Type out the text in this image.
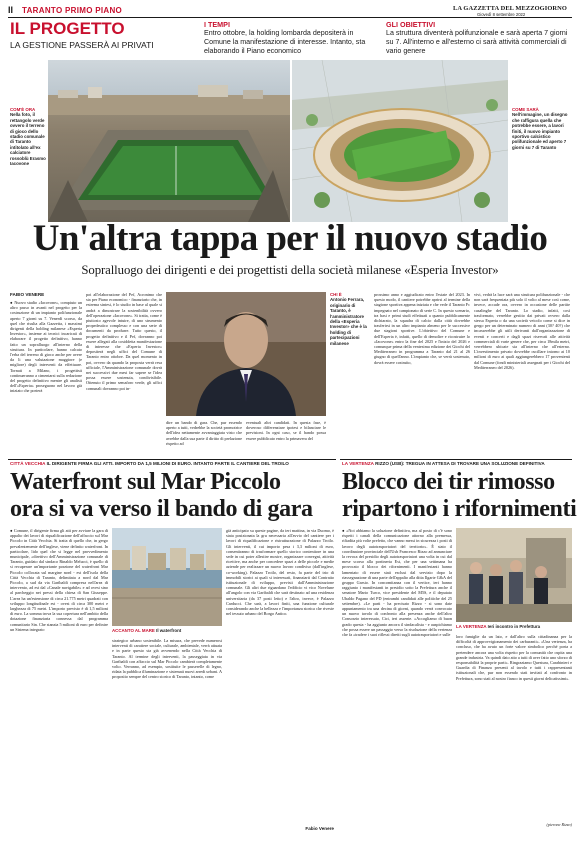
II TARANTO PRIMO PIANO	LA GAZZETTA DEL MEZZOGIORNO
Giovedì 8 settembre 2022
IL PROGETTO
LA GESTIONE PASSERÀ AI PRIVATI
I TEMPI
Entro ottobre, la holding lombarda depositerà in Comune la manifestazione di interesse. Intanto, sta elaborando il Piano economico
GLI OBIETTIVI
La struttura diventerà polifunzionale e sarà aperta 7 giorni su 7. All'interno e all'esterno ci sarà attività commerciali di vario genere
COM'È ORA
Nella foto, il rettangolo verde ovvero il terreno di gioco dello stadio comunale di Taranto intitolato all'ex calciatore rossoblù Erasmo Iacovone
COME SARÀ
Nell'immagine, un disegno che raffigura quella che potrebbe essere, a lavori finiti, il nuovo impianto sportivo calcistico polifunzionale ed aperto 7 giorni su 7 di Taranto
Un'altra tappa per il nuovo stadio
Sopralluogo dei dirigenti e dei progettisti della società milanese «Esperia Investor»
FABIO VENERE
● Nuovo stadio «Iacovone», compiuto un altro passo in avanti nel progetto per la costruzione di un impianto polifunzionale aperto 7 giorni su 7. Venerdì scorso, da quel che risulta alla Gazzetta, i massimi dirigenti della holding milanese «Esperia Investor», insieme ai tecnici incaricati di elaborare il progetto definitivo, hanno fatto un sopralluogo all'interno della struttura. In particolare, hanno calcato l'erba del terreno di gioco anche per avere da li una valutazione maggiore (e migliore) degli interventi da effettuare. Tornati a Milano, i progettisti continueranno a cimentarsi sulla redazione del progetto definitivo mentre gli analisti dell'«Esperia» proseguono nel lavoro già iniziato che porterà
poi all'elaborazione del Pef, Acronimo che sta per Piano economico - finanziario che, in estrema sintesi, è lo studio in base al quale si andrà a dimostrare la sostenibilità ovvero dell'operazione «Iacovone». Si tratta, come è piuttosto agevole intuire, di uno strumento propedeutico complesso e con una serie di documenti da produrre. Tutto questo, il progetto definitivo e il Pef, dovranno poi essere allegati alla cosiddetta manifestazione di interesse che «Esperia Investor» depositerà negli uffici del Comune di Taranto entro ottobre. Da quel momento in poi, ovvero da quando la proposta verrà resa ufficiale, l'Amministrazione comunale dovrà nei successivi due mesi far sapere se l'idea possa essere sostenuta, condivisibile. Ottenuto il primo semaforo verde, gli uffici comunali dovranno poi in-
dire un bando di gara. Che, pur essendo aperto a tutti, vedrebbe la società promotrice dell'idea nettamente avvantaggiata visto che avrebbe dalla sua parte il diritto di prelazione rispetto ad
eventuali altri candidati. In questa fase, è doveroso differenziare ipotesi e bilanciare le previsioni. In ogni caso, se il bando possa essere pubblicato entro la primavera del
CHI È
Antonio Ferrara, originario di Taranto, è l'amministratore della «Esperia Investor» che è la holding di partecipazioni milanese
prossimo anno e aggiudicato entro l'estate del 2023. In questo modo, il cantiere potrebbe aprirsi al termine della stagione sportiva appena iniziata e che vede il Taranto Fc impegnato nel campionato di serie C. In questo scenario, tra basi e primi studi effettuati a quanto pubblicamente dichiarato, la squadra di calcio dalla città dovrebbe trasferirsi in un altro impianto almeno per le successive due stagioni sportive. L'obiettivo del Comune e dell'Esperia è, infatti, quello di demolire e ricostruire lo «Iacovone» entro la fine del 2025 e l'inizio del 2026 e comunque prima della ventesima edizione dei Giochi del Mediterraneo in programma a Taranto dal 21 al 26 giugno di quell'anno. L'impianto che, se verrà sostenuto, dovrà essere costruito,
vivi, vedrà la luce sarà una struttura polifunzionale - che non sarà frequentata più solo il volto al mese così come, invece, accade ora, ovvero in occasione delle partite casalinghe del Taranto. Lo stadio, infatti, così trasformato, verrebbe gestito dai privati ovvero dalla stessa Esperia o da una società veicolo come si dice in gergo per un determinato numero di anni (30? 40?) che incasserebbe gli utili derivanti dall'organizzazione di eventi e concerti e dagli spazi riservati alle attività commerciali di varie genere che, per circa 18mila metri, verrebbero ubicate sia all'interno che all'esterno. L'investimento privato dovrebbe oscillare intorno ai 10 milioni di euro ai quali aggiungerebbero 17 provenienti dal Comune (fondi ministeriali assegnati per i Giochi del Mediterraneo del 2026).
CITTÀ VECCHIA IL DIRIGENTE FIRMA GLI ATTI. IMPORTO DA 1,5 MILIONI DI EURO. INTANTO PARTE IL CANTIERE DEL TROILO
Waterfront sul Mar Piccolo
ora si va verso il bando di gara
● Comune, il dirigente firma gli atti per avviare la gara di appalto dei lavori di riqualificazione dell'affaccio sul Mar Piccolo in Città Vecchia. Si tratta di quello che, in gergo prevalentemente dell'inglese, viene definito waterfront. In particolare, lido quel che si legge nel provvedimento municipale, «direttivo dell'Amministrazione comunale di Taranto, guidato dal sindaco Rinaldo Melucci, è quello di si recuperare un'importante porzione del waterfront Mar Piccolo collocata sul margine nord - est dell'isola della Città Vecchia di Taranto, delimitata a nord dal Mar Piccolo, a sud da via Garibaldi compresa nell'area di intervento, ad est dal «Canale navigabile» e ad ovest sino al parcheggio nei pressi della chiesa di San Giuseppe. L'area ha un'estensione di circa 21.775 metri quadrati con sviluppo longitudinale est - ovest di circa 300 metri e larghezza di 75 metri. L'importo previsto è di 1,5 milioni di euro. La somma trova la sua copertura nell'ambito della dotazione finanziaria connessa dal programma comunitario Sin. Che stanzia 5 milioni di euro per definire un Sistema integrato	ACCANTO AL MARE Il waterfront
strategico urbano sostenibile. La misura, che prevede numerosi interventi di carattere sociale, culturale, ambientale, verrà attuata e in parte questo sta già avvenendo nella Città Vecchia di Taranto. Al termine degli interventi, la passeggiata in via Garibaldi con affaccio sul Mar Piccolo cambierà completamente volto. Verranno, ad esempio, sostituite le passerelle di legno, ridata la pubblica illuminazione e sistemati nuovi arredi urbani. A proposito sempre del centro storico di Taranto, intanto, come
già anticipato su queste pagine, da ieri mattina, in via Duomo, è stata posizionata la gru necessaria all'avvio del cantiere per i lavori di riqualificazione e ristrutturazione di Palazzo Troilo. Gli interventi, il cui importo pesa i 3,3 milioni di euro, consentiranno di trasformare quello storico contenitore in una sede in cui poter allestire mostre, organizzare convegni, attività ricettive, ma anche per concedere spazi a delle piccole e medie aziende per realizzare un nuovo lavoro condiviso (dall'inglese, co-working). Palazzo Troilo, del resto, fa parte del trio di immobili storici ai quali si interessati, finanziarti dal Contratto istituzionale di sviluppo, previsti dall'Amministrazione comunale. Gli altri due riguardano l'edificio vi vico Novelune all'angolo con via Garibaldi che sarà destinato ad una residenza universitaria (da 37 posti letto) e l'altro, invece, è Palazzo Carducci. Che sarà, a lavori finiti, una funzione culturale considerando anche la bellezza e l'importanza storica che riveste nel tessuto urbano del Borgo Antico.
Fabio Venere
LA VERTENZA RIZZO (USB): TREGUA IN ATTESA DI TROVARE UNA SOLUZIONE DEFINITIVA
Blocco dei tir rimosso
ripartono i rifornimenti
● «Noi abbiamo la soluzione definitiva, ma al posto di c'è sono rispetti i canali della comunicazione attorno alla premessa, rifiadita più volte prefetto, che vanno messi in sicurezza i posti di lavoro degli autotrasportatori del territorio». È stato il coordinatore provinciale dell'Usb Francesco Rizzo ad annunciare la revoca del presidio degli autotrasportatori una volta in cui dal mese scorso alla portineria Est, che per una settimana ha provocato il blocco dei rifornimenti. I manifestanti hanno lamentato di essere stati esclusi dal servizio dopo la riassegnazione di una parte dell'appalto alla ditta Ilgarte G&A del gruppo Garsio. In concomitanza con il vertice, ieri hanno raggiunto i manifestanti in presidio sotto la Prefettura anche il senatore Mario Turco, vice presidente del M5S, e il deputato Ubaldo Pagano del PD (entrambi candidati alle politiche del 25 settembre). «Le parti - ha precisato Rizzo - si sono date appuntamento tra una decina di giorni, quando verrà convocato un nuovo tavolo di confronto alla presenza anche dell'altro Consorzio interessato, Cict, ieri assente. «Accogliamo di buon grado questa - ha aggiunto ancora il sindacalista - e auspichiamo che possa essere un passaggio verso la risoluzione della vertenza che fa «tradere i suoi riflessi diretti sugli autotrasportatori e sulle
LA VERTENZA Ieri incontro in Prefettura
loro famiglie da un lato, e dall'altro sulla cittadinanza per la difficoltà di approvvigionamento dei carburanti». «Una vertenza, ha concluso, che ha avuto un forte valore simbolico perché porta a pretendere ancora una volta rispetto per la comunità che ospita una grande industria. Va quindi dato atto a tutti di aver fatto uno sforzo di responsabilità la proprie parti». Ringraziamo Questura, Carabinieri e Guardia di Finanza presenti al tavolo e tutti i rappresentanti istituzionali che, pur non essendo stati invitati al confronto in Prefettura, sono stati al nostro fianco in questi giorni delicatissimi».
(pierone Rizzo)
